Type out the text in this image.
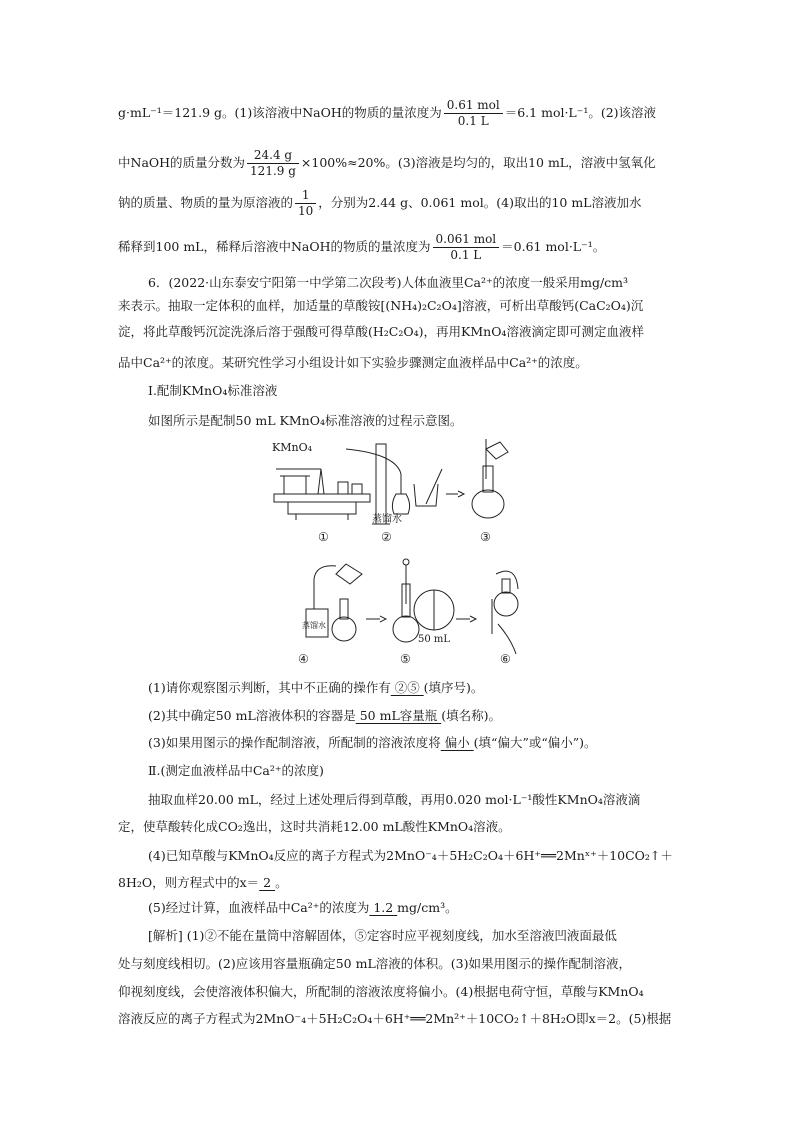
g·mL⁻¹＝121.9 g。(1)该溶液中NaOH的物质的量浓度为 $\frac{\text{0.61 mol}}{0.1 L} =6.1$ mol·L⁻¹。(2)该溶液
中NaOH的质量分数为 $\frac{24.4 g}{121.9 g} \times 100\%\approx 20\%$。(3)溶液是均匀的，取出10 mL，溶液中氢氧化
钠的质量、物质的量为原溶液的 $\frac{1}{10}$ ，分别为2.44 g、0.061 mol。(4)取出的10 mL溶液加水
稀释到100 mL，稀释后溶液中NaOH的物质的量浓度为 $\frac{\text{0.061 mol}}{0.1 L} =0.61$ mol·L⁻¹。
6．(2022·山东泰安宁阳第一中学第二次段考)人体血液里Ca²⁺的浓度一般采用mg/cm³
来表示。抽取一定体积的血样，加适量的草酸铵[(NH₄)₂C₂O₄]溶液，可析出草酸钙(CaC₂O₄)沉
淀，将此草酸钙沉淀洗涤后溶于强酸可得草酸(H₂C₂O₄)，再用KMnO₄溶液滴定即可测定血液样
品中Ca²⁺的浓度。某研究性学习小组设计如下实验步骤测定血液样品中Ca²⁺的浓度。
Ⅰ.配制KMnO₄标准溶液
如图所示是配制50 mL KMnO₄标准溶液的过程示意图。
KMnO₄
蒸馏水
蒸馏水
50 mL
①	②	③
④	⑤	⑥
(1)请你观察图示判断，其中不正确的操作有 ②⑤ (填序号)。
(2)其中确定50 mL溶液体积的容器是 50 mL容量瓶 (填名称)。
(3)如果用图示的操作配制溶液，所配制的溶液浓度将 偏小 (填“偏大”或“偏小”)。
Ⅱ.(测定血液样品中Ca²⁺的浓度)
抽取血样20.00 mL，经过上述处理后得到草酸，再用0.020 mol·L⁻¹酸性KMnO₄溶液滴
定，使草酸转化成CO₂逸出，这时共消耗12.00 mL酸性KMnO₄溶液。
(4)已知草酸与KMnO₄反应的离子方程式为2MnO⁻₄＋5H₂C₂O₄＋6H⁺══2Mnˣ⁺＋10CO₂↑＋
8H₂O，则方程式中的x＝ 2 。
(5)经过计算，血液样品中Ca²⁺的浓度为 1.2 mg/cm³。
[解析] (1)②不能在量筒中溶解固体，⑤定容时应平视刻度线，加水至溶液凹液面最低
处与刻度线相切。(2)应该用容量瓶确定50 mL溶液的体积。(3)如果用图示的操作配制溶液，
仰视刻度线，会使溶液体积偏大，所配制的溶液浓度将偏小。(4)根据电荷守恒，草酸与KMnO₄
溶液反应的离子方程式为2MnO⁻₄＋5H₂C₂O₄＋6H⁺══2Mn²⁺＋10CO₂↑＋8H₂O即x＝2。(5)根据
